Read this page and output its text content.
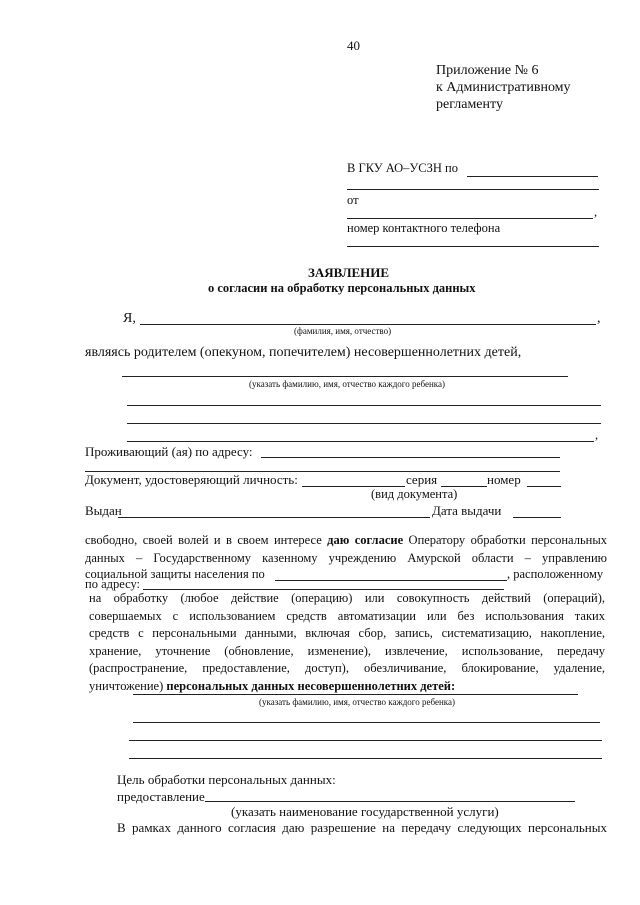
40
Приложение № 6
к Административному
регламенту
В ГКУ АО–УСЗН по
от
,
номер контактного телефона
ЗАЯВЛЕНИЕ
о согласии на обработку персональных данных
Я,	,
(фамилия, имя, отчество)
являясь родителем (опекуном, попечителем) несовершеннолетних детей,
(указать фамилию, имя, отчество каждого ребенка)
,
Проживающий (ая) по адресу:
Документ, удостоверяющий личность:	серия	номер
(вид документа)
Выдан	Дата выдачи
свободно, своей волей и в своем интересе даю согласие Оператору обработки персональных
данных – Государственному казенному учреждению Амурской области – управлению
социальной защиты населения по	, расположенному
по адресу:
на обработку (любое действие (операцию) или совокупность действий (операций),
совершаемых с использованием средств автоматизации или без использования таких
средств с персональными данными, включая сбор, запись, систематизацию, накопление,
хранение, уточнение (обновление, изменение), извлечение, использование, передачу
(распространение, предоставление, доступ), обезличивание, блокирование, удаление,
уничтожение) персональных данных несовершеннолетних детей:
(указать фамилию, имя, отчество каждого ребенка)
Цель обработки персональных данных:
предоставление
(указать наименование государственной услуги)
В рамках данного согласия даю разрешение на передачу следующих персональных
